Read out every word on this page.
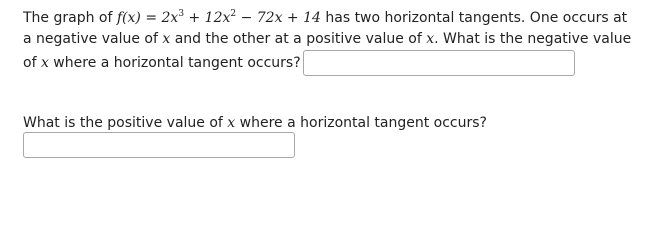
The graph of $f(x) = 2x^3 + 12x^2 - 72x + 14$ has two horizontal tangents. One occurs at a negative value of x and the other at a positive value of x. What is the negative value of x where a horizontal tangent occurs?
What is the positive value of x where a horizontal tangent occurs?
